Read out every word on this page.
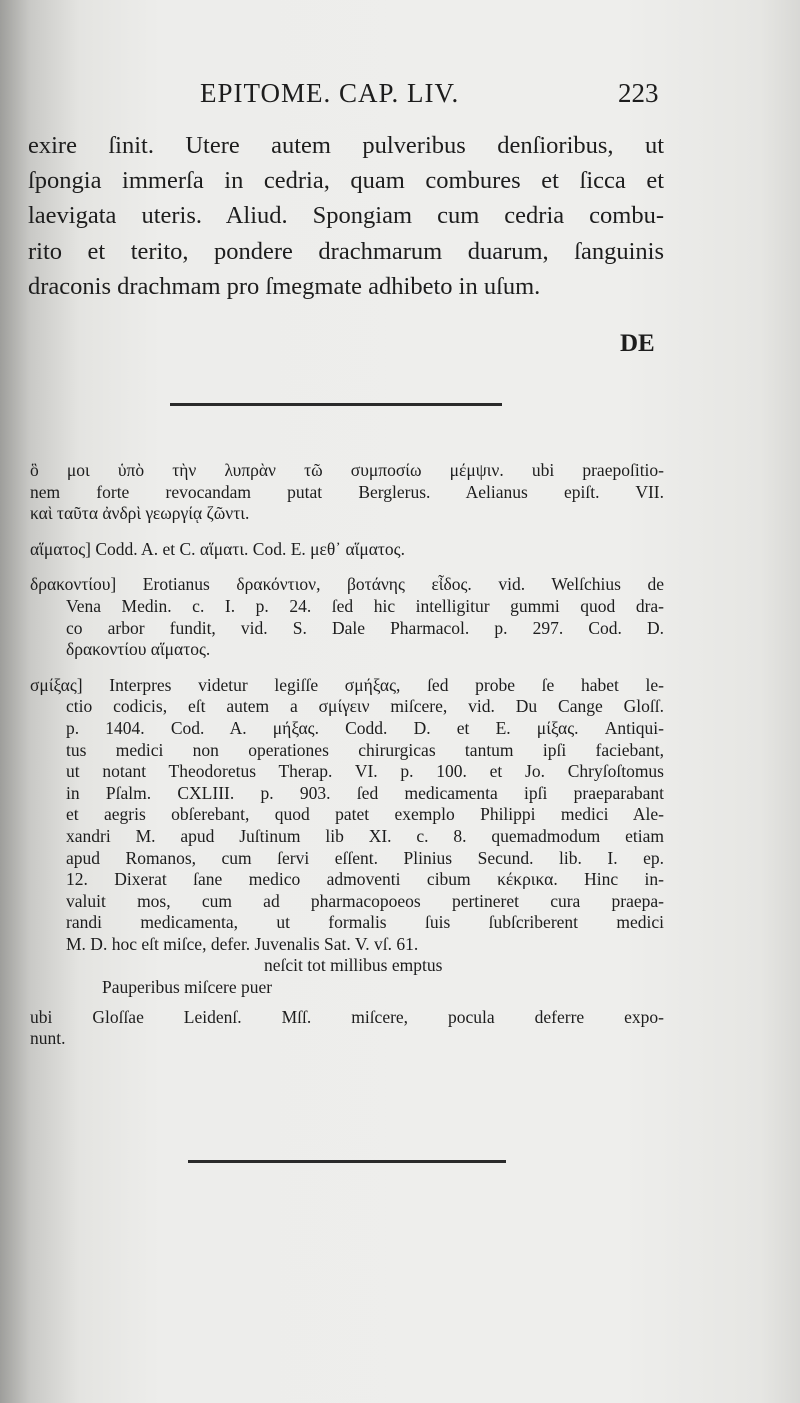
EPITOME. CAP. LIV.	223
exire ſinit. Utere autem pulveribus denſioribus, ut
ſpongia immerſa in cedria, quam combures et ſicca et
laevigata uteris. Aliud. Spongiam cum cedria combu-
rito et terito, pondere drachmarum duarum, ſanguinis
draconis drachmam pro ſmegmate adhibeto in uſum.
DE
ὃ μοι ὑπὸ τὴν λυπρὰν τῶ συμποσίω μέμψιν. ubi praepoſitio-
nem forte revocandam putat Berglerus. Aelianus epiſt. VII.
καὶ ταῦτα ἀνδρὶ γεωργίᾳ ζῶντι.
αἵματος] Codd. A. et C. αἵματι. Cod. E. μεθ᾽ αἵματος.
δρακοντίου] Erotianus δρακόντιον, βοτάνης εἶδος. vid. Welſchius de
Vena Medin. c. I. p. 24. ſed hic intelligitur gummi quod dra-
co arbor fundit, vid. S. Dale Pharmacol. p. 297. Cod. D.
δρακοντίου αἵματος.
σμίξας] Interpres videtur legiſſe σμήξας, ſed probe ſe habet le-
ctio codicis, eſt autem a σμίγειν miſcere, vid. Du Cange Gloſſ.
p. 1404. Cod. A. μήξας. Codd. D. et E. μίξας. Antiqui-
tus medici non operationes chirurgicas tantum ipſi faciebant,
ut notant Theodoretus Therap. VI. p. 100. et Jo. Chryſoſtomus
in Pſalm. CXLIII. p. 903. ſed medicamenta ipſi praeparabant
et aegris obſerebant, quod patet exemplo Philippi medici Ale-
xandri M. apud Juſtinum lib XI. c. 8. quemadmodum etiam
apud Romanos, cum ſervi eſſent. Plinius Secund. lib. I. ep.
12. Dixerat ſane medico admoventi cibum κέκρικα. Hinc in-
valuit mos, cum ad pharmacopoeos pertineret cura praepa-
randi medicamenta, ut formalis ſuis ſubſcriberent medici
M. D. hoc eſt miſce, defer. Juvenalis Sat. V. vſ. 61.
neſcit tot millibus emptus
Pauperibus miſcere puer
ubi Gloſſae Leidenſ. Mſſ. miſcere, pocula deferre expo-
nunt.
